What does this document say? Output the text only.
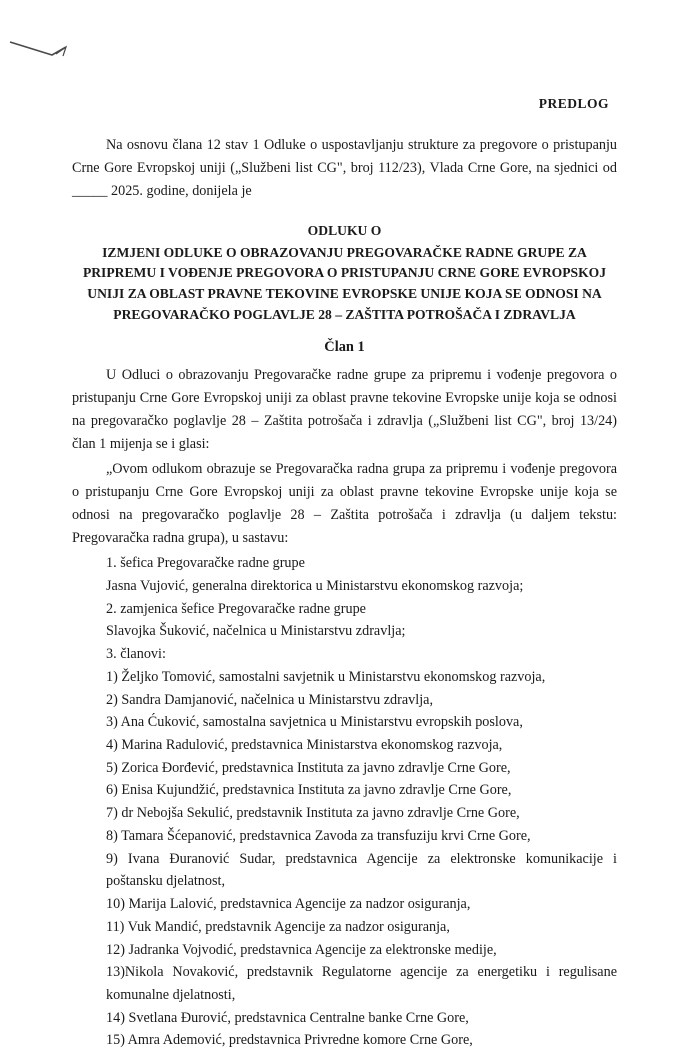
PREDLOG

Na osnovu člana 12 stav 1 Odluke o uspostavljanju strukture za pregovore o pristupanju Crne Gore Evropskoj uniji („Službeni list CG", broj 112/23), Vlada Crne Gore, na sjednici od _____ 2025. godine, donijela je

ODLUKU O
IZMJENI ODLUKE O OBRAZOVANJU PREGOVARAČKE RADNE GRUPE ZA PRIPREMU I VOĐENJE PREGOVORA O PRISTUPANJU CRNE GORE EVROPSKOJ UNIJI ZA OBLAST PRAVNE TEKOVINE EVROPSKE UNIJE KOJA SE ODNOSI NA PREGOVARAČKO POGLAVLJE 28 – ZAŠTITA POTROŠAČA I ZDRAVLJA
Član 1

U Odluci o obrazovanju Pregovaračke radne grupe za pripremu i vođenje pregovora o pristupanju Crne Gore Evropskoj uniji za oblast pravne tekovine Evropske unije koja se odnosi na pregovaračko poglavlje 28 – Zaštita potrošača i zdravlja („Službeni list CG", broj 13/24) član 1 mijenja se i glasi:

„Ovom odlukom obrazuje se Pregovaračka radna grupa za pripremu i vođenje pregovora o pristupanju Crne Gore Evropskoj uniji za oblast pravne tekovine Evropske unije koja se odnosi na pregovaračko poglavlje 28 – Zaštita potrošača i zdravlja (u daljem tekstu: Pregovaračka radna grupa), u sastavu:

1. šefica Pregovaračke radne grupe

Jasna Vujović, generalna direktorica u Ministarstvu ekonomskog razvoja;

2. zamjenica šefice Pregovaračke radne grupe

Slavojka Šuković, načelnica u Ministarstvu zdravlja;

3. članovi:

1) Željko Tomović, samostalni savjetnik u Ministarstvu ekonomskog razvoja,

2) Sandra Damjanović, načelnica u Ministarstvu zdravlja,

3) Ana Ćuković, samostalna savjetnica u Ministarstvu evropskih poslova,

4) Marina Radulović, predstavnica Ministarstva ekonomskog razvoja,

5) Zorica Đorđević, predstavnica Instituta za javno zdravlje Crne Gore,

6) Enisa Kujundžić, predstavnica Instituta za javno zdravlje Crne Gore,

7) dr Nebojša Sekulić, predstavnik Instituta za javno zdravlje Crne Gore,

8) Tamara Šćepanović, predstavnica Zavoda za transfuziju krvi Crne Gore,

9) Ivana Đuranović Sudar, predstavnica Agencije za elektronske komunikacije i poštansku djelatnost,

10) Marija Lalović, predstavnica Agencije za nadzor osiguranja,

11) Vuk Mandić, predstavnik Agencije za nadzor osiguranja,

12) Jadranka Vojvodić, predstavnica Agencije za elektronske medije,

13)Nikola Novaković, predstavnik Regulatorne agencije za energetiku i regulisane komunalne djelatnosti,

14) Svetlana Đurović, predstavnica Centralne banke Crne Gore,

15) Amra Ademović, predstavnica Privredne komore Crne Gore,
